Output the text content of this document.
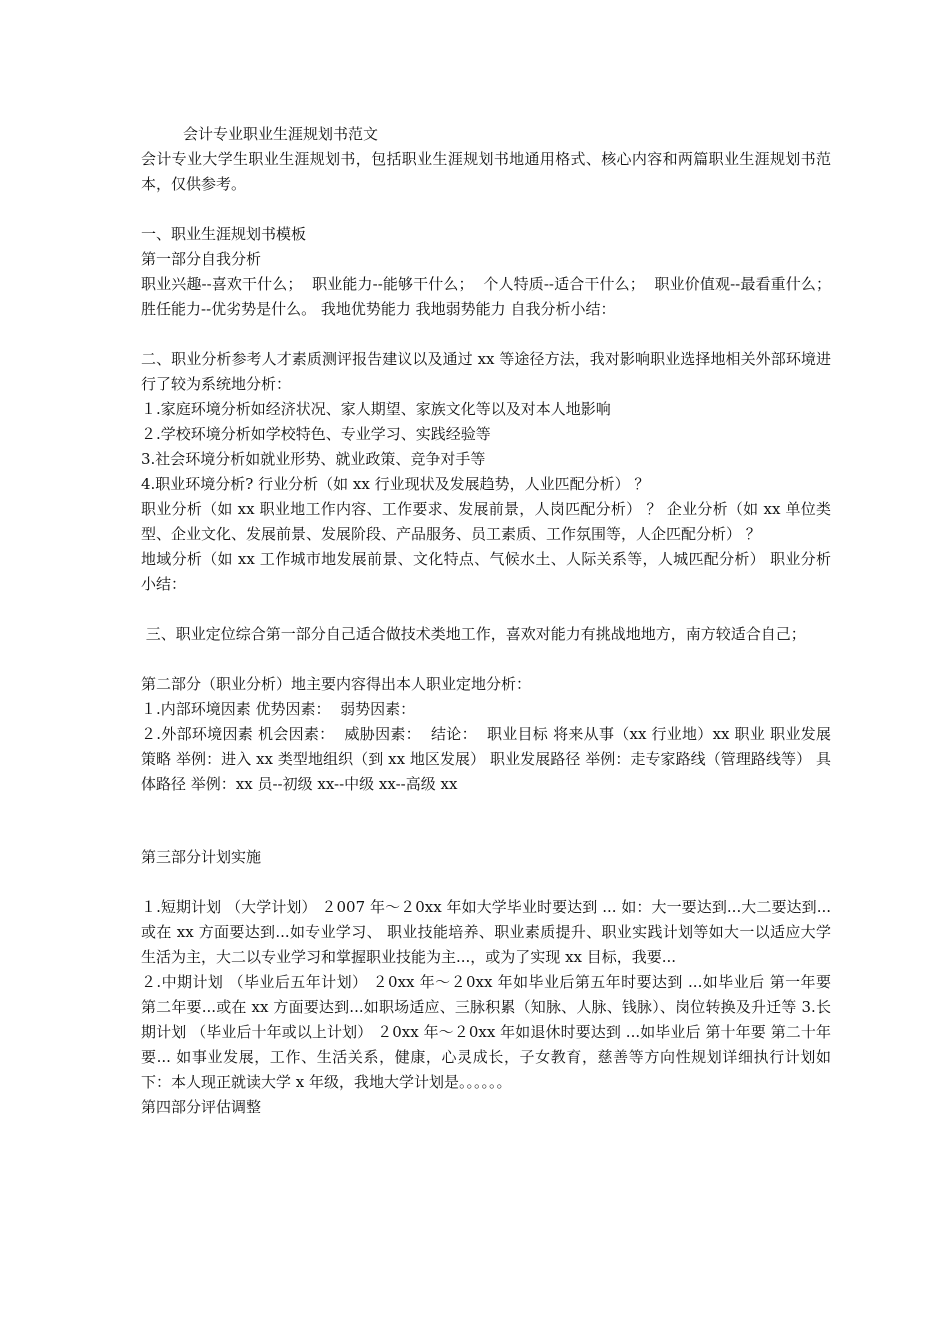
会计专业职业生涯规划书范文

会计专业大学生职业生涯规划书，包括职业生涯规划书地通用格式、核心内容和两篇职业生涯规划书范本，仅供参考。

一、职业生涯规划书模板

第一部分自我分析

职业兴趣--喜欢干什么；  职业能力--能够干什么；  个人特质--适合干什么；  职业价值观--最看重什么；  胜任能力--优劣势是什么。 我地优势能力 我地弱势能力 自我分析小结：

二、职业分析参考人才素质测评报告建议以及通过 xx 等途径方法，我对影响职业选择地相关外部环境进行了较为系统地分析：

１.家庭环境分析如经济状况、家人期望、家族文化等以及对本人地影响

２.学校环境分析如学校特色、专业学习、实践经验等

3.社会环境分析如就业形势、就业政策、竞争对手等

4.职业环境分析? 行业分析（如 xx 行业现状及发展趋势，人业匹配分析） ？

职业分析（如 xx 职业地工作内容、工作要求、发展前景，人岗匹配分析） ？ 企业分析（如 xx 单位类型、企业文化、发展前景、发展阶段、产品服务、员工素质、工作氛围等，人企匹配分析） ？

地域分析（如 xx 工作城市地发展前景、文化特点、气候水土、人际关系等，人城匹配分析） 职业分析小结：

三、职业定位综合第一部分自己适合做技术类地工作，喜欢对能力有挑战地地方，南方较适合自己；

第二部分（职业分析）地主要内容得出本人职业定地分析：

１.内部环境因素 优势因素：  弱势因素：

２.外部环境因素 机会因素：  威胁因素：  结论：  职业目标 将来从事（xx 行业地）xx 职业 职业发展策略 举例：进入 xx 类型地组织（到 xx 地区发展） 职业发展路径 举例：走专家路线（管理路线等） 具体路径 举例：xx 员--初级 xx--中级 xx--高级 xx

第三部分计划实施

１.短期计划 （大学计划） ２007 年～２0xx 年如大学毕业时要达到 ... 如：大一要达到...大二要达到... 或在 xx 方面要达到...如专业学习、 职业技能培养、职业素质提升、职业实践计划等如大一以适应大学生活为主，大二以专业学习和掌握职业技能为主...，或为了实现 xx 目标，我要...

２.中期计划 （毕业后五年计划） ２0xx 年～２0xx 年如毕业后第五年时要达到 ...如毕业后 第一年要 第二年要...或在 xx 方面要达到...如职场适应、三脉积累（知脉、人脉、钱脉）、岗位转换及升迁等 3.长期计划 （毕业后十年或以上计划） ２0xx 年～２0xx 年如退休时要达到 ...如毕业后 第十年要 第二十年要... 如事业发展，工作、生活关系，健康，心灵成长，子女教育，慈善等方向性规划详细执行计划如下：本人现正就读大学 x 年级，我地大学计划是。。。。。。

第四部分评估调整
